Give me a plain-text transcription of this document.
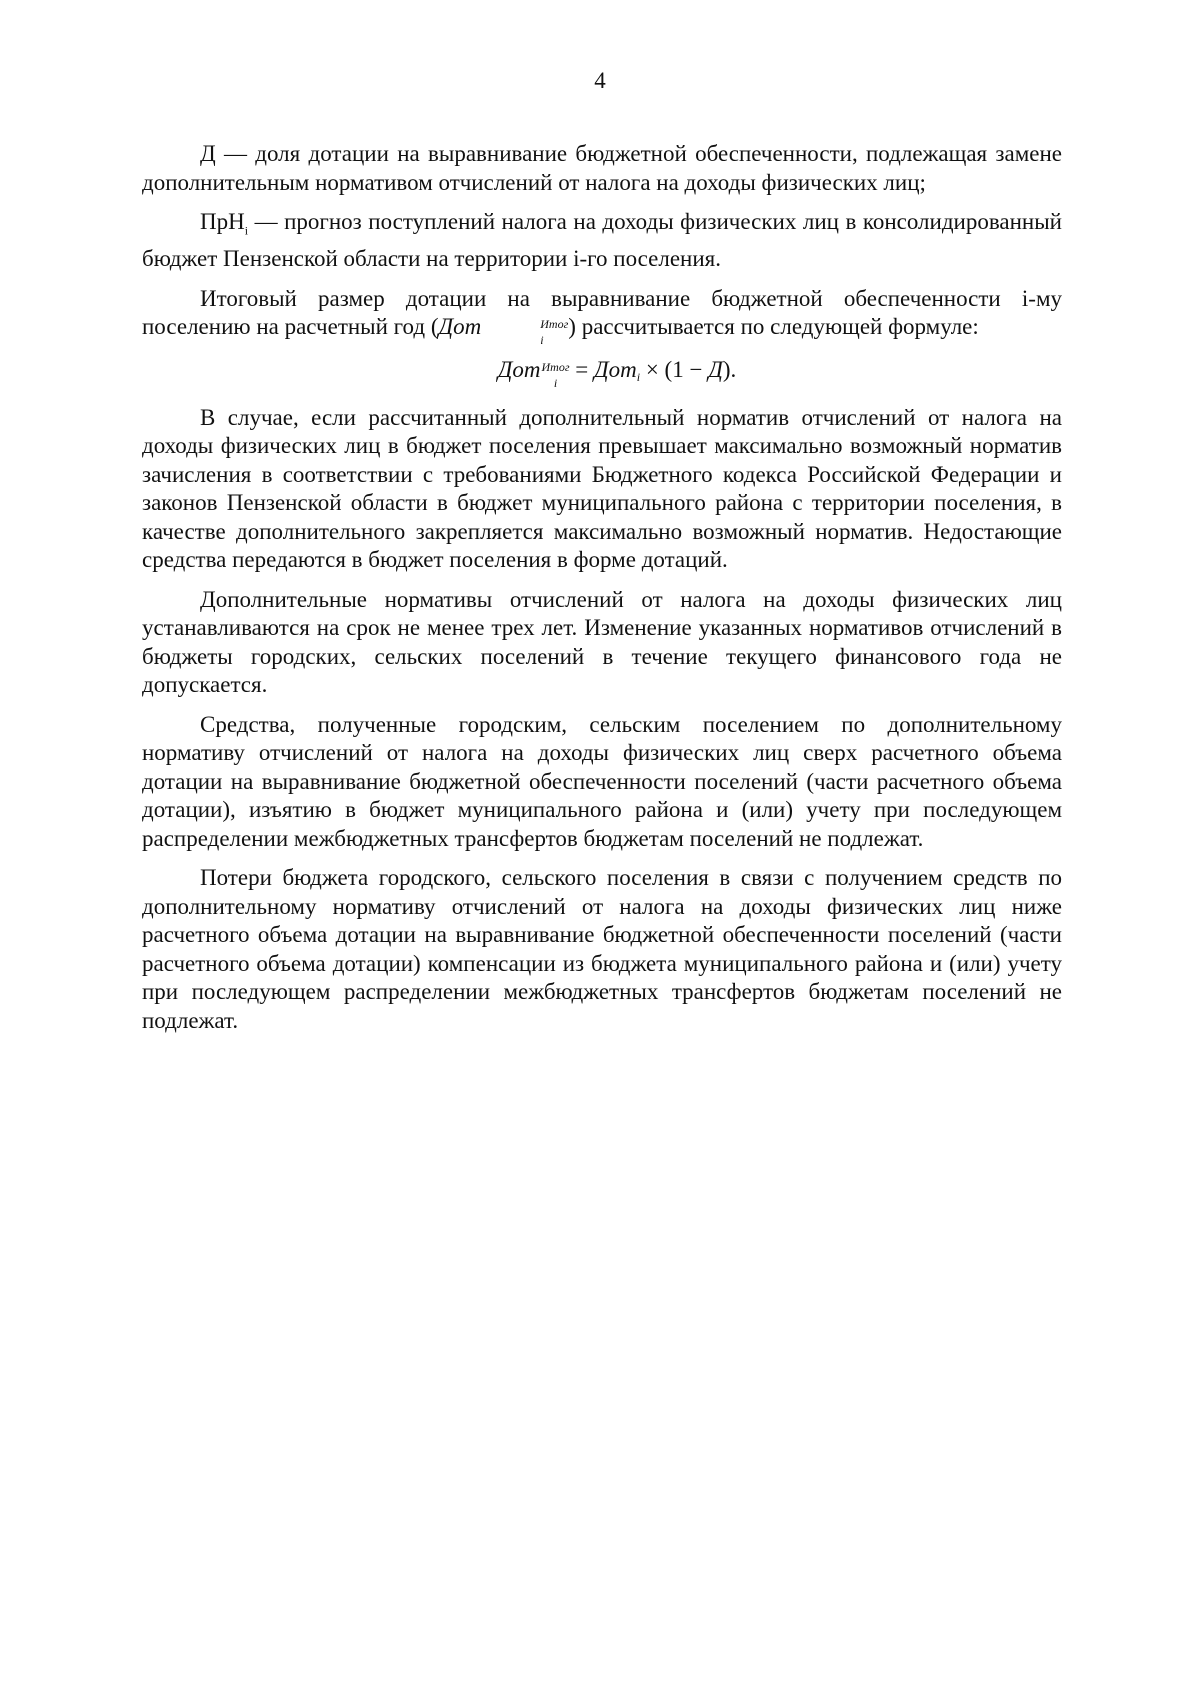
4

Д — доля дотации на выравнивание бюджетной обеспеченности, подлежащая замене дополнительным нормативом отчислений от налога на доходы физических лиц;

ПрН$_i$ — прогноз поступлений налога на доходы физических лиц в консолидированный бюджет Пензенской области на территории i-го поселения.

Итоговый размер дотации на выравнивание бюджетной обеспеченности i-му поселению на расчетный год (Дот	Итог
i
) рассчитывается по следующей формуле:

Дот Итог
i
= Дот$_i$ × (1 − Д).

В случае, если рассчитанный дополнительный норматив отчислений от налога на доходы физических лиц в бюджет поселения превышает максимально возможный норматив зачисления в соответствии с требованиями Бюджетного кодекса Российской Федерации и законов Пензенской области в бюджет муниципального района с территории поселения, в качестве дополнительного закрепляется максимально возможный норматив. Недостающие средства передаются в бюджет поселения в форме дотаций.

Дополнительные нормативы отчислений от налога на доходы физических лиц устанавливаются на срок не менее трех лет. Изменение указанных нормативов отчислений в бюджеты городских, сельских поселений в течение текущего финансового года не допускается.

Средства, полученные городским, сельским поселением по дополнительному нормативу отчислений от налога на доходы физических лиц сверх расчетного объема дотации на выравнивание бюджетной обеспеченности поселений (части расчетного объема дотации), изъятию в бюджет муниципального района и (или) учету при последующем распределении межбюджетных трансфертов бюджетам поселений не подлежат.

Потери бюджета городского, сельского поселения в связи с получением средств по дополнительному нормативу отчислений от налога на доходы физических лиц ниже расчетного объема дотации на выравнивание бюджетной обеспеченности поселений (части расчетного объема дотации) компенсации из бюджета муниципального района и (или) учету при последующем распределении межбюджетных трансфертов бюджетам поселений не подлежат.
